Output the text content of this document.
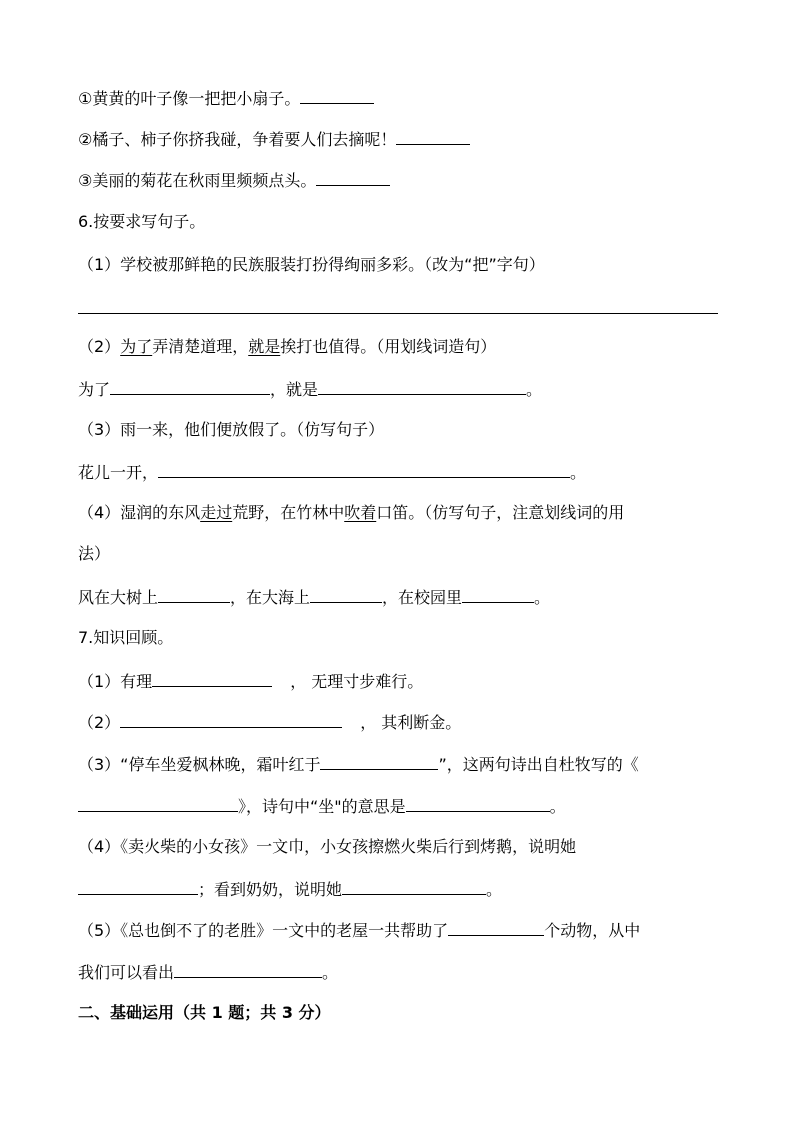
①黄黄的叶子像一把把小扇子。
②橘子、柿子你挤我碰，争着要人们去摘呢！
③美丽的菊花在秋雨里频频点头。
6.按要求写句子。
（1）学校被那鲜艳的民族服装打扮得绚丽多彩。（改为“把”字句）
（2）为了弄清楚道理，就是挨打也值得。（用划线词造句）
为了	，就是	。
（3）雨一来，他们便放假了。（仿写句子）
花儿一开，	。
（4）湿润的东风走过荒野，在竹林中吹着口笛。（仿写句子，注意划线词的用
法）
风在大树上	，在大海上	，在校园里	。
7.知识回顾。
（1）有理	， 无理寸步难行。
（2）	， 其利断金。
（3）“停车坐爱枫林晚，霜叶红于	”，这两句诗出自杜牧写的《
》，诗句中“坐"的意思是	。
（4）《卖火柴的小女孩》一文巾，小女孩擦燃火柴后行到烤鹅，说明她
；看到奶奶，说明她	。
（5）《总也倒不了的老胜》一文中的老屋一共帮助了	个动物，从中
我们可以看出	。
二、基础运用（共 1 题；共 3 分）
